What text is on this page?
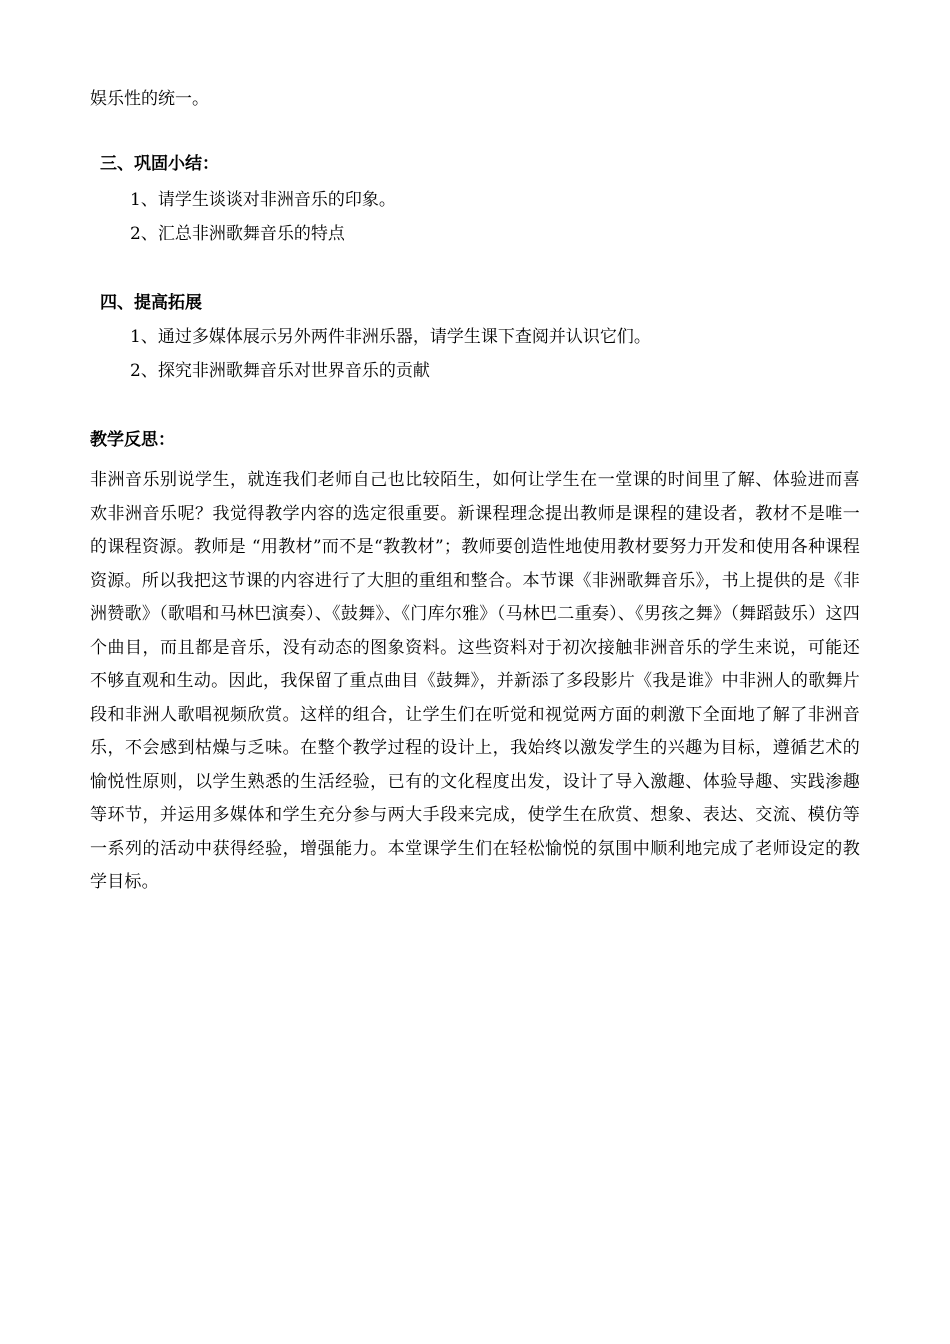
娱乐性的统一。
三、巩固小结：
1、请学生谈谈对非洲音乐的印象。
2、汇总非洲歌舞音乐的特点
四、提高拓展
1、通过多媒体展示另外两件非洲乐器，请学生课下查阅并认识它们。
2、探究非洲歌舞音乐对世界音乐的贡献
教学反思：
非洲音乐别说学生，就连我们老师自己也比较陌生，如何让学生在一堂课的时间里了解、体验进而喜欢非洲音乐呢？我觉得教学内容的选定很重要。新课程理念提出教师是课程的建设者，教材不是唯一的课程资源。教师是 “用教材”而不是“教教材”；教师要创造性地使用教材要努力开发和使用各种课程资源。所以我把这节课的内容进行了大胆的重组和整合。本节课《非洲歌舞音乐》，书上提供的是《非洲赞歌》（歌唱和马林巴演奏）、《鼓舞》、《门库尔雅》（马林巴二重奏）、《男孩之舞》（舞蹈鼓乐）这四个曲目，而且都是音乐，没有动态的图象资料。这些资料对于初次接触非洲音乐的学生来说，可能还不够直观和生动。因此，我保留了重点曲目《鼓舞》，并新添了多段影片《我是谁》中非洲人的歌舞片段和非洲人歌唱视频欣赏。这样的组合，让学生们在听觉和视觉两方面的刺激下全面地了解了非洲音乐，不会感到枯燥与乏味。在整个教学过程的设计上，我始终以激发学生的兴趣为目标，遵循艺术的愉悦性原则，以学生熟悉的生活经验，已有的文化程度出发，设计了导入激趣、体验导趣、实践渗趣等环节，并运用多媒体和学生充分参与两大手段来完成，使学生在欣赏、想象、表达、交流、模仿等一系列的活动中获得经验，增强能力。本堂课学生们在轻松愉悦的氛围中顺利地完成了老师设定的教学目标。
